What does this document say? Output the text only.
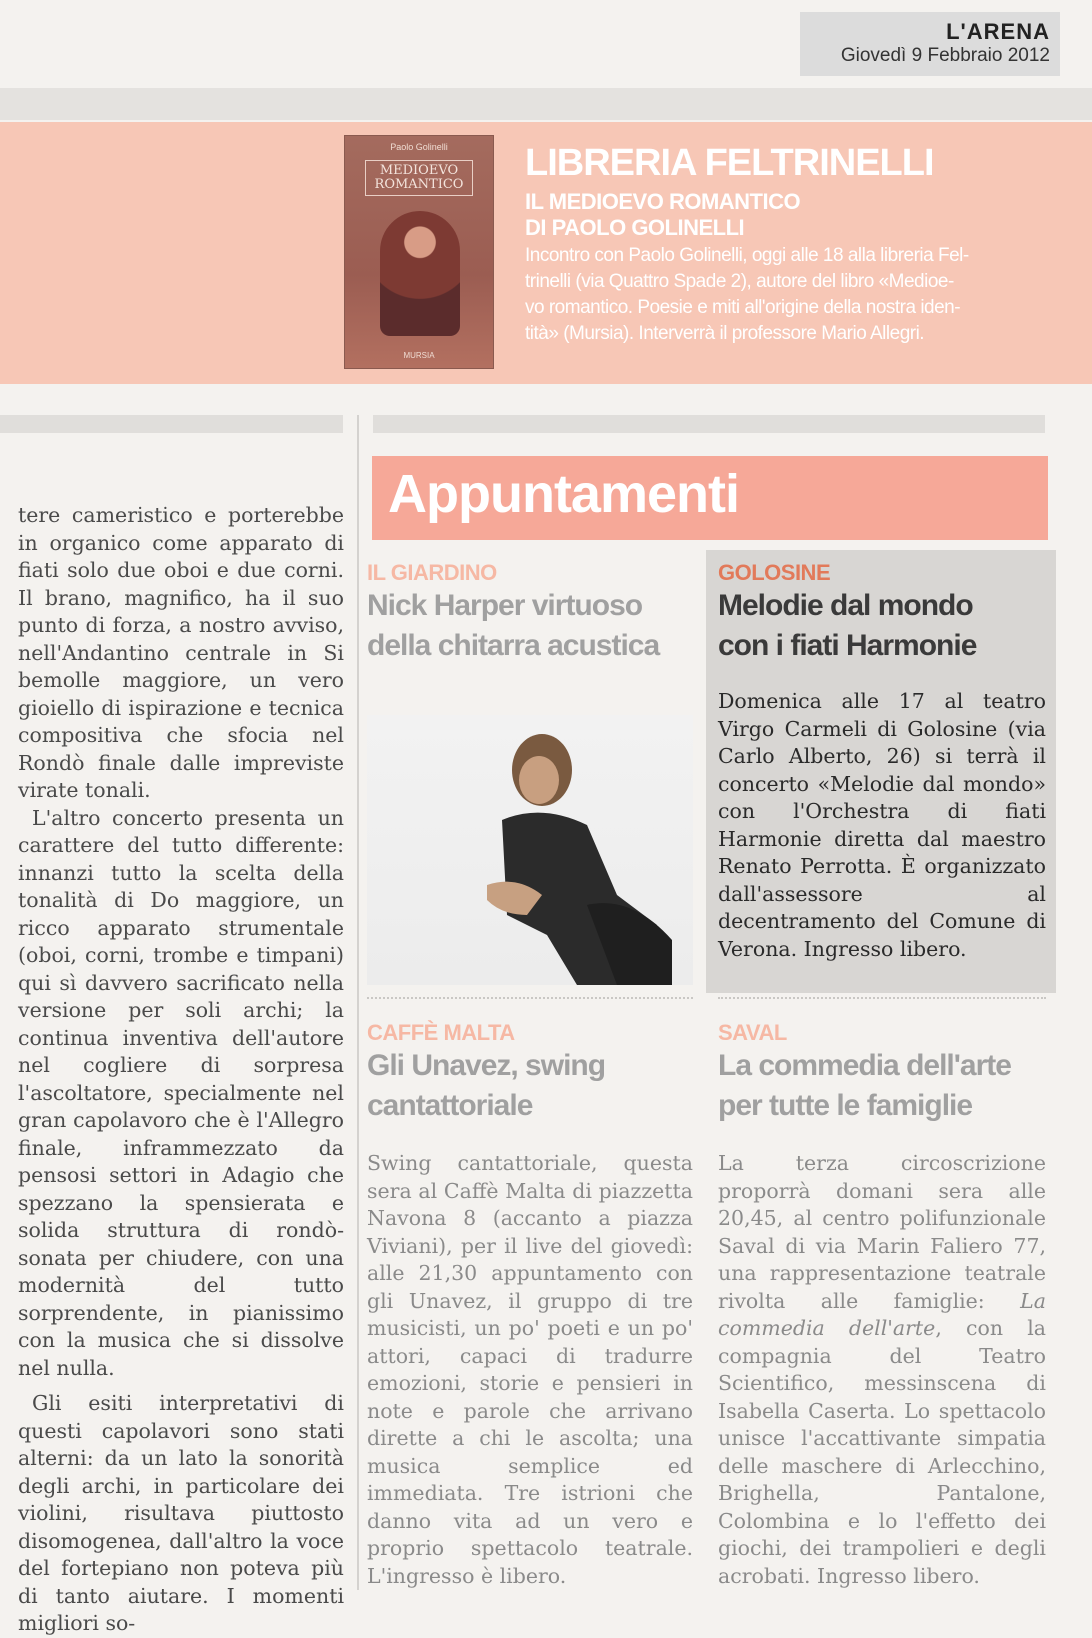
L'ARENA
Giovedì 9 Febbraio 2012
Paolo Golinelli
MEDIOEVO
ROMANTICO
MURSIA
LIBRERIA FELTRINELLI
IL MEDIOEVO ROMANTICO
DI PAOLO GOLINELLI
Incontro con Paolo Golinelli, oggi alle 18 alla libreria Fel-
trinelli (via Quattro Spade 2), autore del libro «Medioe-
vo romantico. Poesie e miti all'origine della nostra iden-
tità» (Mursia). Interverrà il professore Mario Allegri.
Appuntamenti

tere cameristico e porterebbe in organico come apparato di fiati solo due oboi e due corni. Il brano, magnifico, ha il suo punto di forza, a nostro avviso, nell'Andantino centrale in Si bemolle maggiore, un vero gioiello di ispirazione e tecnica compositiva che sfocia nel Rondò finale dalle impreviste virate tonali.

L'altro concerto presenta un carattere del tutto differente: innanzi tutto la scelta della tonalità di Do maggiore, un ricco apparato strumentale (oboi, corni, trombe e timpani) qui sì davvero sacrificato nella versione per soli archi; la continua inventiva dell'autore nel cogliere di sorpresa l'ascoltatore, specialmente nel gran capolavoro che è l'Allegro finale, inframmezzato da pensosi settori in Adagio che spezzano la spensierata e solida struttura di rondò-sonata per chiudere, con una modernità del tutto sorprendente, in pianissimo con la musica che si dissolve nel nulla.

Gli esiti interpretativi di questi capolavori sono stati alterni: da un lato la sonorità degli archi, in particolare dei violini, risultava piuttosto disomogenea, dall'altro la voce del fortepiano non poteva più di tanto aiutare. I momenti migliori so-

IL GIARDINO
Nick Harper virtuoso
della chitarra acustica
GOLOSINE
Melodie dal mondo
con i fiati Harmonie
Domenica alle 17 al teatro Virgo Carmeli di Golosine (via Carlo Alberto, 26) si terrà il concerto «Melodie dal mondo» con l'Orchestra di fiati Harmonie diretta dal maestro Renato Perrotta. È organizzato dall'assessore al decentramento del Comune di Verona. Ingresso libero.
CAFFÈ MALTA
Gli Unavez, swing
cantattoriale
Swing cantattoriale, questa sera al Caffè Malta di piazzetta Navona 8 (accanto a piazza Viviani), per il live del giovedì: alle 21,30 appuntamento con gli Unavez, il gruppo di tre musicisti, un po' poeti e un po' attori, capaci di tradurre emozioni, storie e pensieri in note e parole che arrivano dirette a chi le ascolta; una musica semplice ed immediata. Tre istrioni che danno vita ad un vero e proprio spettacolo teatrale. L'ingresso è libero.
SAVAL
La commedia dell'arte
per tutte le famiglie
La terza circoscrizione proporrà domani sera alle 20,45, al centro polifunzionale Saval di via Marin Faliero 77, una rappresentazione teatrale rivolta alle famiglie: La commedia dell'arte, con la compagnia del Teatro Scientifico, messinscena di Isabella Caserta. Lo spettacolo unisce l'accattivante simpatia delle maschere di Arlecchino, Brighella, Pantalone, Colombina e lo l'effetto dei giochi, dei trampolieri e degli acrobati. Ingresso libero.
